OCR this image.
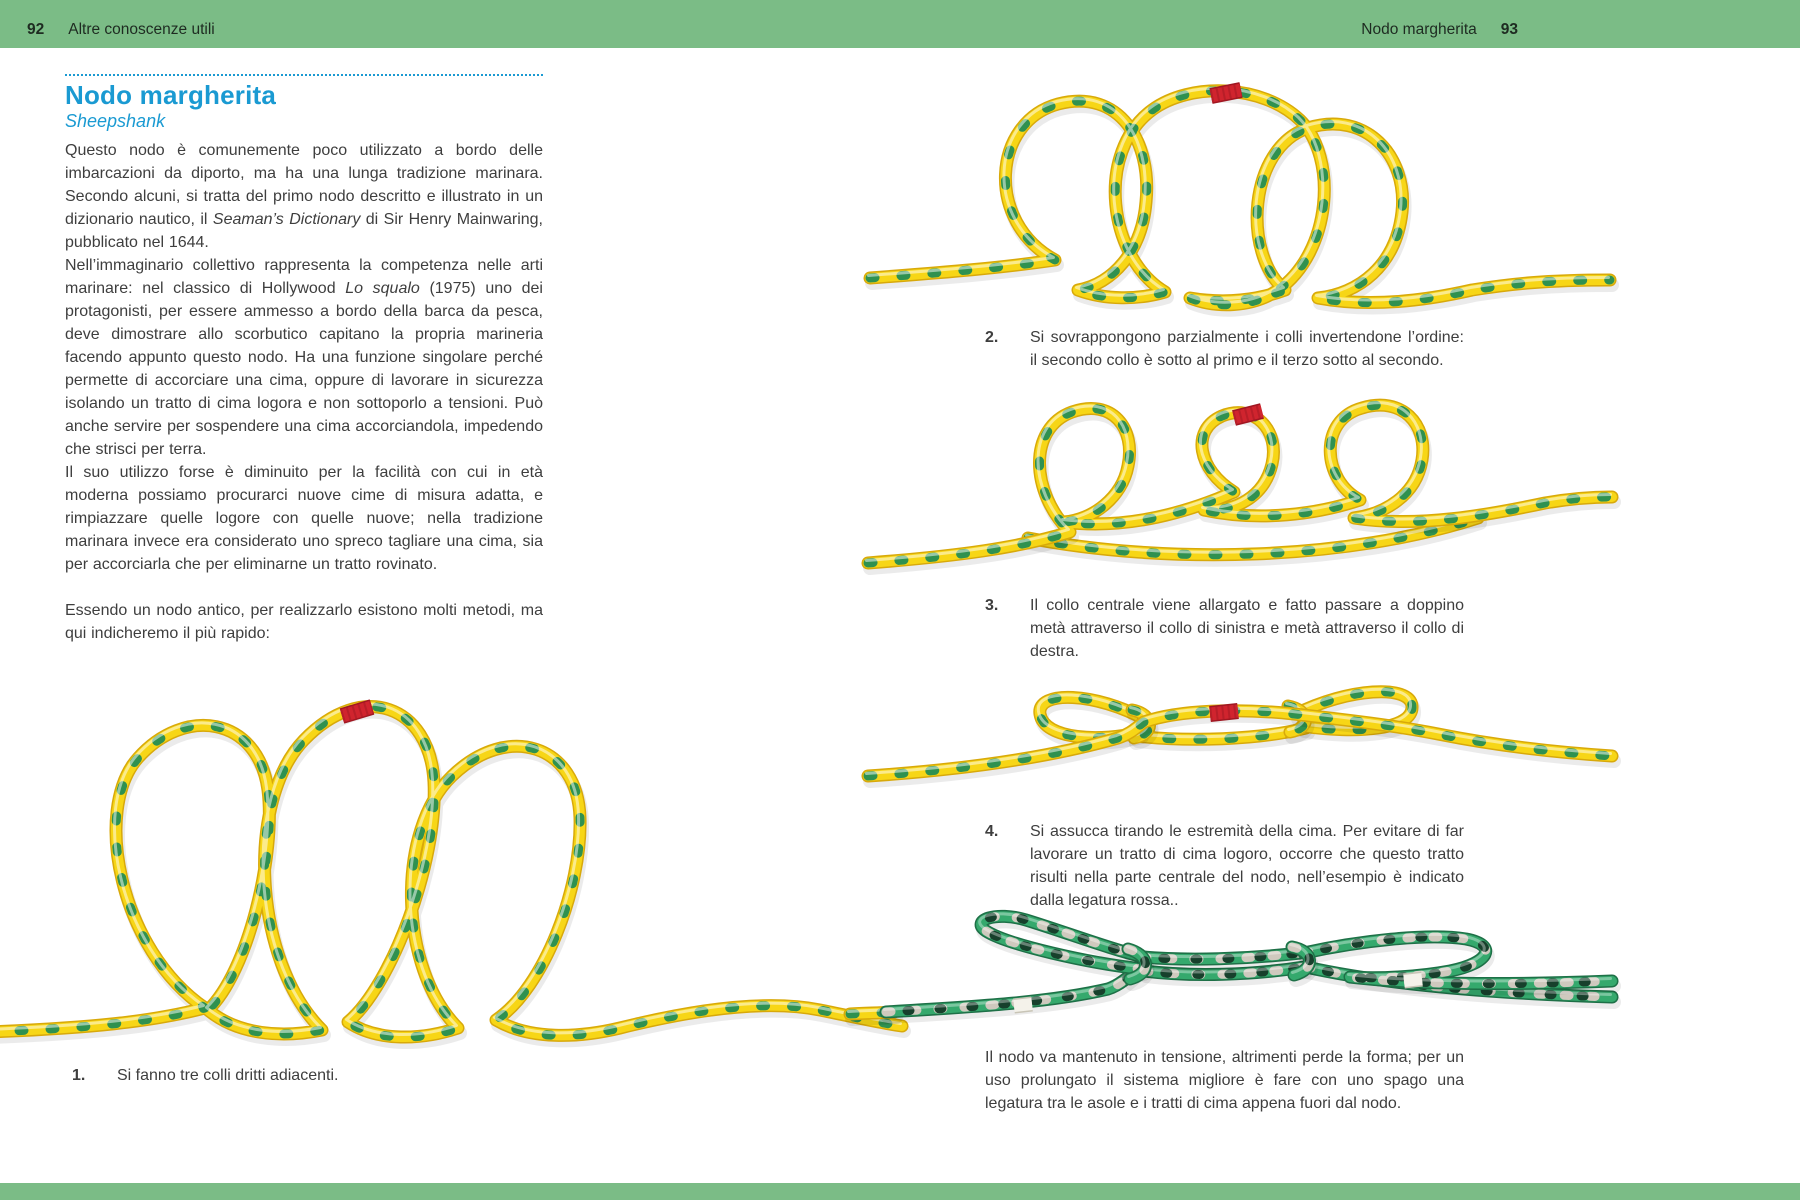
92 Altre conoscenze utili	Nodo margherita 93
Nodo margherita
Sheepshank

Questo nodo è comunemente poco utilizzato a bordo delle imbarcazioni da diporto, ma ha una lunga tradizione marinara. Secondo alcuni, si tratta del primo nodo descritto e illustrato in un dizionario nautico, il Seaman’s Dictionary di Sir Henry Mainwaring, pubblicato nel 1644.

Nell’immaginario collettivo rappresenta la competenza nelle arti marinare: nel classico di Hollywood Lo squalo (1975) uno dei protagonisti, per essere ammesso a bordo della barca da pesca, deve dimostrare allo scorbutico capitano la propria marineria facendo appunto questo nodo. Ha una funzione singolare perché permette di accorciare una cima, oppure di lavorare in sicurezza isolando un tratto di cima logora e non sottoporlo a tensioni. Può anche servire per sospendere una cima accorciandola, impedendo che strisci per terra.

Il suo utilizzo forse è diminuito per la facilità con cui in età moderna possiamo procurarci nuove cime di misura adatta, e rimpiazzare quelle logore con quelle nuove; nella tradizione marinara invece era considerato uno spreco tagliare una cima, sia per accorciarla che per eliminarne un tratto rovinato.

Essendo un nodo antico, per realizzarlo esistono molti metodi, ma qui indicheremo il più rapido:

1.	Si fanno tre colli dritti adiacenti.

2.	Si sovrappongono parzialmente i colli invertendone l’ordine: il secondo collo è sotto al primo e il terzo sotto al secondo.

3.	Il collo centrale viene allargato e fatto passare a doppino metà attraverso il collo di sinistra e metà attraverso il collo di destra.

4.	Si assucca tirando le estremità della cima. Per evitare di far lavorare un tratto di cima logoro, occorre che questo tratto risulti nella parte centrale del nodo, nell’esempio è indicato dalla legatura rossa..

Il nodo va mantenuto in tensione, altrimenti perde la forma; per un uso prolungato il sistema migliore è fare con uno spago una legatura tra le asole e i tratti di cima appena fuori dal nodo.
